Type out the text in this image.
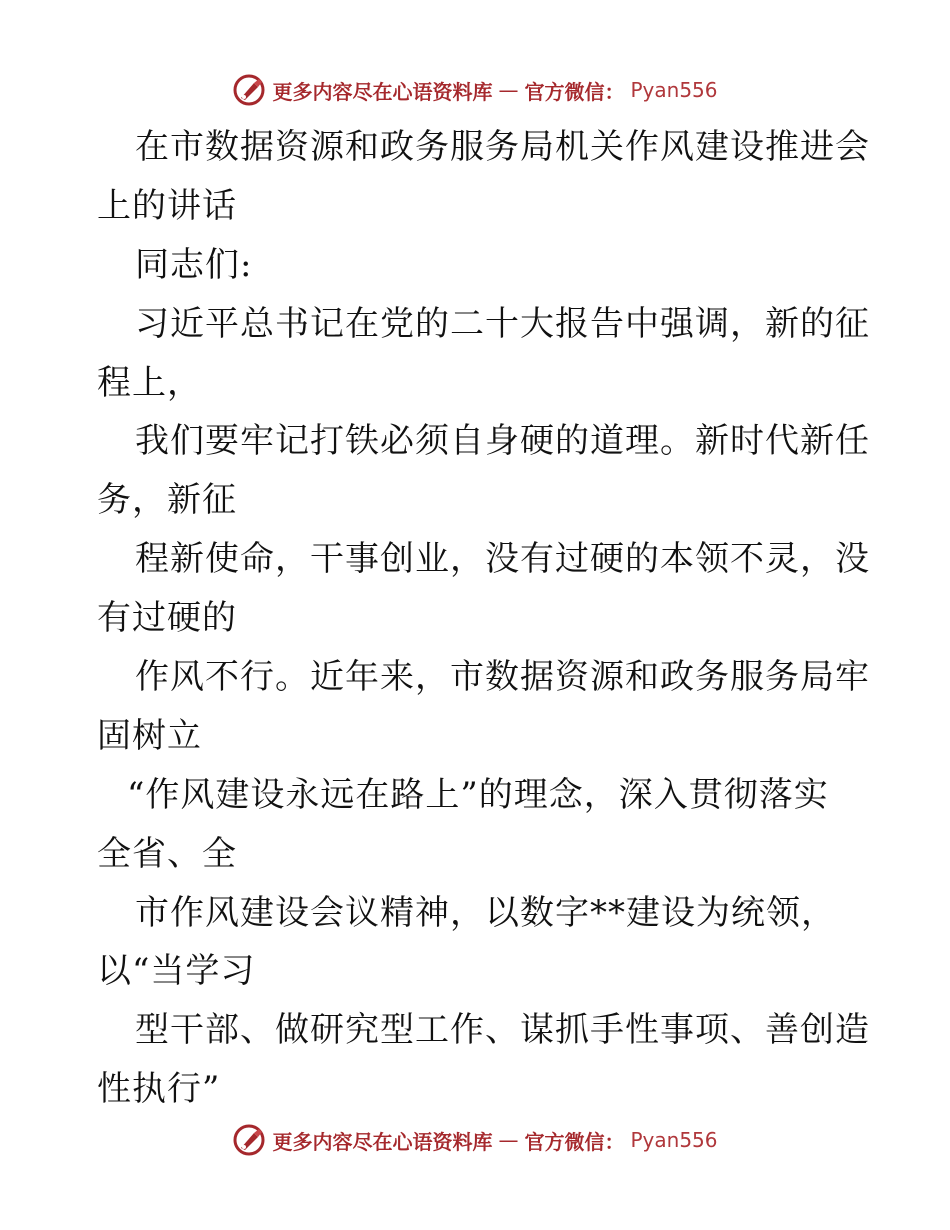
更多内容尽在心语资料库 — 官方微信： Pyan556
在市数据资源和政务服务局机关作风建设推进会
上的讲话
同志们:
习近平总书记在党的二十大报告中强调，新的征
程上，
我们要牢记打铁必须自身硬的道理。新时代新任
务，新征
程新使命，干事创业，没有过硬的本领不灵，没
有过硬的
作风不行。近年来，市数据资源和政务服务局牢
固树立
“作风建设永远在路上”的理念，深入贯彻落实
全省、全
市作风建设会议精神，以数字**建设为统领，
以“当学习
型干部、做研究型工作、谋抓手性事项、善创造
性执行”
更多内容尽在心语资料库 — 官方微信： Pyan556
